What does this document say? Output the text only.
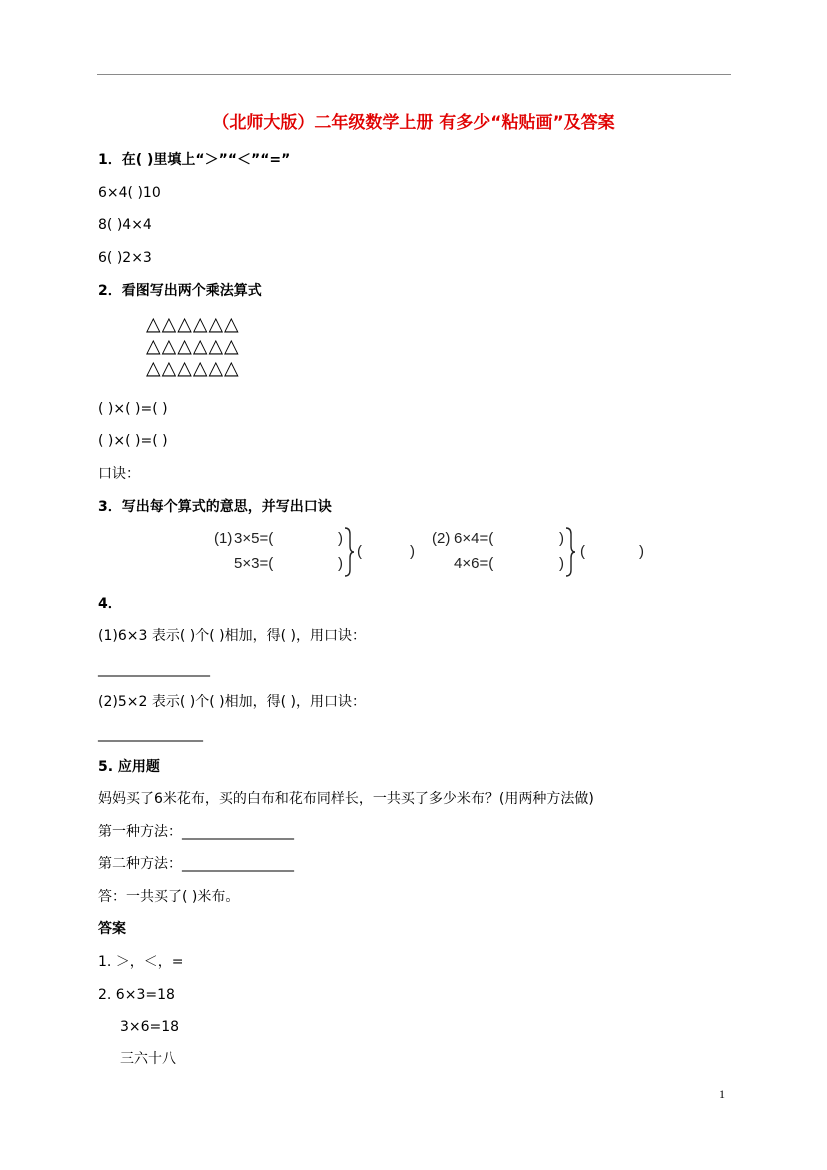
（北师大版）二年级数学上册 有多少“粘贴画”及答案
1．在( )里填上“＞”“＜”“=”
6×4( )10
8( )4×4
6( )2×3
2．看图写出两个乘法算式
△△△△△△
△△△△△△
△△△△△△
( )×( )=( )
( )×( )=( )
口诀：
3．写出每个算式的意思，并写出口诀
(1) 3×5=(
5×3=(
)
)
(	)
(2) 6×4=(
4×6=(
)
)
(	)
4．
(1)6×3 表示( )个( )相加，得( )，用口诀：
________________
(2)5×2 表示( )个( )相加，得( )，用口诀：
_______________
5. 应用题
妈妈买了6米花布，买的白布和花布同样长，一共买了多少米布？(用两种方法做)
第一种方法：________________
第二种方法：________________
答：一共买了( )米布。
答案
1. ＞，＜，=
2. 6×3=18
3×6=18
三六十八
1
